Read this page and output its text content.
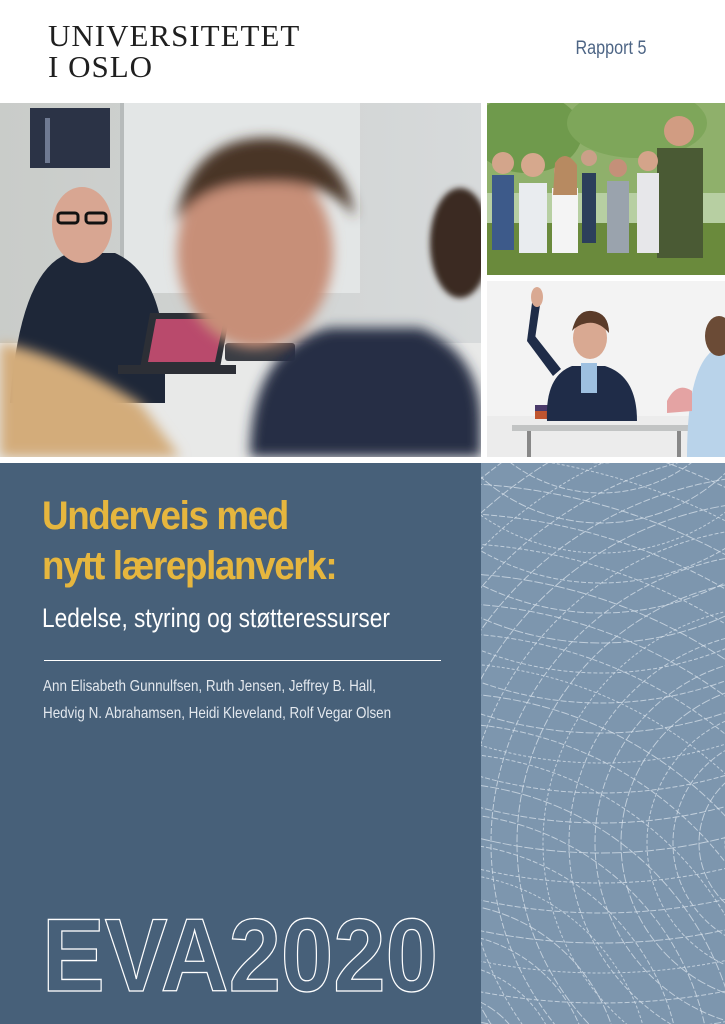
UNIVERSITETET
I OSLO
Rapport 5
Underveis med
nytt læreplanverk:
Ledelse, styring og støtteressurser
Ann Elisabeth Gunnulfsen, Ruth Jensen, Jeffrey B. Hall,
Hedvig N. Abrahamsen, Heidi Kleveland, Rolf Vegar Olsen
EVA2020
